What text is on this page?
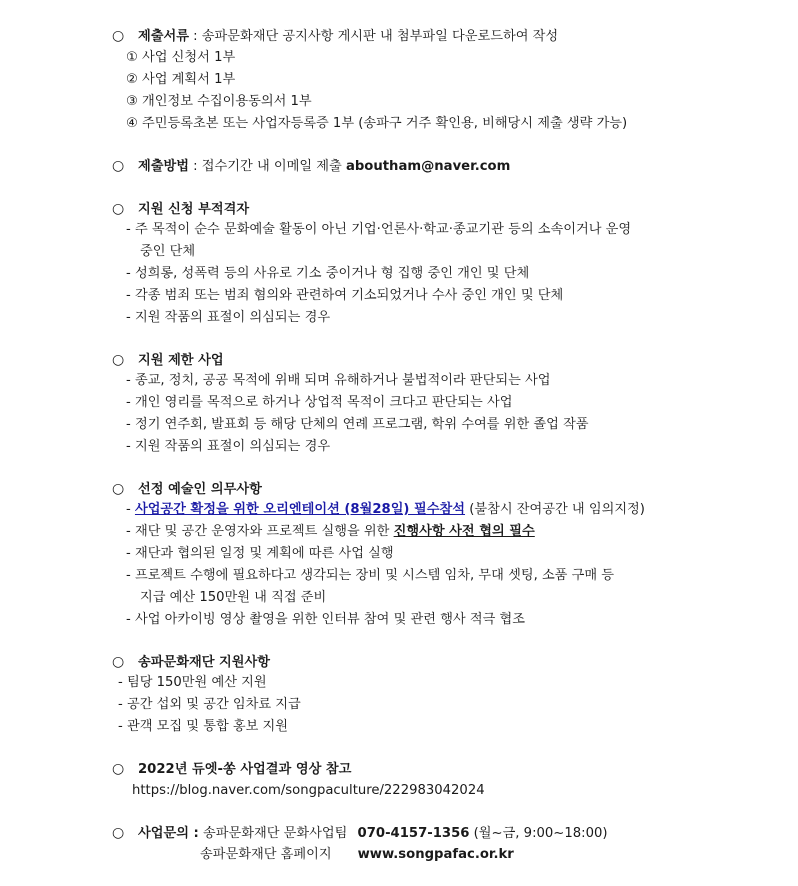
○ 제출서류 : 송파문화재단 공지사항 게시판 내 첨부파일 다운로드하여 작성
① 사업 신청서 1부
② 사업 계획서 1부
③ 개인정보 수집이용동의서 1부
④ 주민등록초본 또는 사업자등록증 1부 (송파구 거주 확인용, 비해당시 제출 생략 가능)
○ 제출방법 : 접수기간 내 이메일 제출 aboutham@naver.com
○ 지원 신청 부적격자
- 주 목적이 순수 문화예술 활동이 아닌 기업·언론사·학교·종교기관 등의 소속이거나 운영
중인 단체
- 성희롱, 성폭력 등의 사유로 기소 중이거나 형 집행 중인 개인 및 단체
- 각종 범죄 또는 범죄 혐의와 관련하여 기소되었거나 수사 중인 개인 및 단체
- 지원 작품의 표절이 의심되는 경우
○ 지원 제한 사업
- 종교, 정치, 공공 목적에 위배 되며 유해하거나 불법적이라 판단되는 사업
- 개인 영리를 목적으로 하거나 상업적 목적이 크다고 판단되는 사업
- 정기 연주회, 발표회 등 해당 단체의 연례 프로그램, 학위 수여를 위한 졸업 작품
- 지원 작품의 표절이 의심되는 경우
○ 선정 예술인 의무사항
- 사업공간 확정을 위한 오리엔테이션 (8월28일) 필수참석 (불참시 잔여공간 내 임의지정)
- 재단 및 공간 운영자와 프로젝트 실행을 위한 진행사항 사전 협의 필수
- 재단과 협의된 일정 및 계획에 따른 사업 실행
- 프로젝트 수행에 필요하다고 생각되는 장비 및 시스템 임차, 무대 셋팅, 소품 구매 등
지급 예산 150만원 내 직접 준비
- 사업 아카이빙 영상 촬영을 위한 인터뷰 참여 및 관련 행사 적극 협조
○ 송파문화재단 지원사항
- 팀당 150만원 예산 지원
- 공간 섭외 및 공간 임차료 지급
- 관객 모집 및 통합 홍보 지원
○ 2022년 듀엣-쏭 사업결과 영상 참고
https://blog.naver.com/songpaculture/222983042024
○ 사업문의 : 송파문화재단 문화사업팀 070-4157-1356 (월~금, 9:00~18:00)
송파문화재단 홈페이지 www.songpafac.or.kr
